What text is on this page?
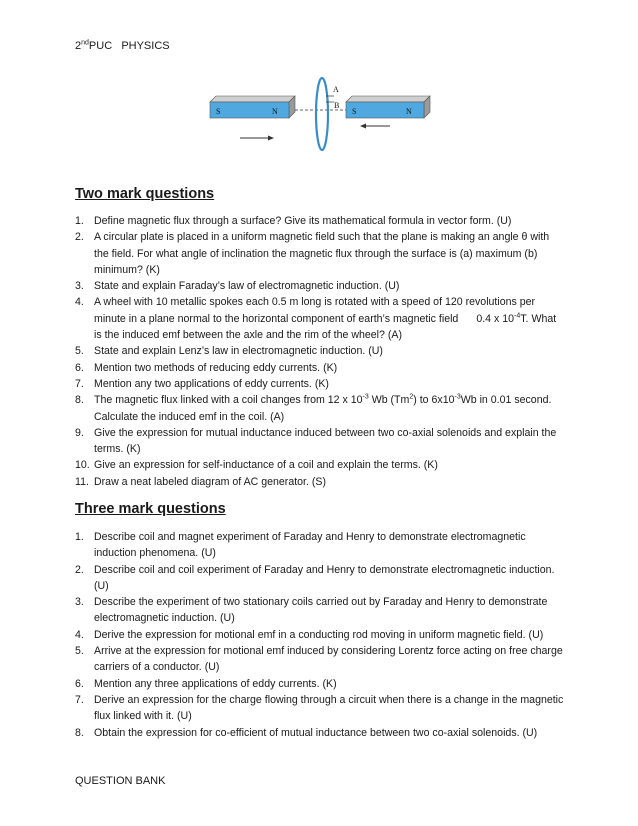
2ndPUC   PHYSICS
S	N
A
B
S	N
Two mark questions
1. Define magnetic flux through a surface? Give its mathematical formula in vector form. (U)
2. A circular plate is placed in a uniform magnetic field such that the plane is making an angle θ with the field. For what angle of inclination the magnetic flux through the surface is (a) maximum (b) minimum? (K)
3. State and explain Faraday’s law of electromagnetic induction. (U)
4. A wheel with 10 metallic spokes each 0.5 m long is rotated with a speed of 120 revolutions per minute in a plane normal to the horizontal component of earth’s magnetic field 0.4 x $10^{-4}T$. What is the induced emf between the axle and the rim of the wheel? (A)
5. State and explain Lenz’s law in electromagnetic induction. (U)
6. Mention two methods of reducing eddy currents. (K)
7. Mention any two applications of eddy currents. (K)
8. The magnetic flux linked with a coil changes from 12 x $10^{-3}$ Wb (Tm$^2$) to $6x10^{-3}Wb$ in 0.01 second. Calculate the induced emf in the coil. (A)
9. Give the expression for mutual inductance induced between two co-axial solenoids and explain the terms. (K)
10. Give an expression for self-inductance of a coil and explain the terms. (K)
11. Draw a neat labeled diagram of AC generator. (S)
Three mark questions
1. Describe coil and magnet experiment of Faraday and Henry to demonstrate electromagnetic induction phenomena. (U)
2. Describe coil and coil experiment of Faraday and Henry to demonstrate electromagnetic induction. (U)
3. Describe the experiment of two stationary coils carried out by Faraday and Henry to demonstrate electromagnetic induction. (U)
4. Derive the expression for motional emf in a conducting rod moving in uniform magnetic field. (U)
5. Arrive at the expression for motional emf induced by considering Lorentz force acting on free charge carriers of a conductor. (U)
6. Mention any three applications of eddy currents. (K)
7. Derive an expression for the charge flowing through a circuit when there is a change in the magnetic flux linked with it. (U)
8. Obtain the expression for co-efficient of mutual inductance between two co-axial solenoids. (U)
QUESTION BANK
